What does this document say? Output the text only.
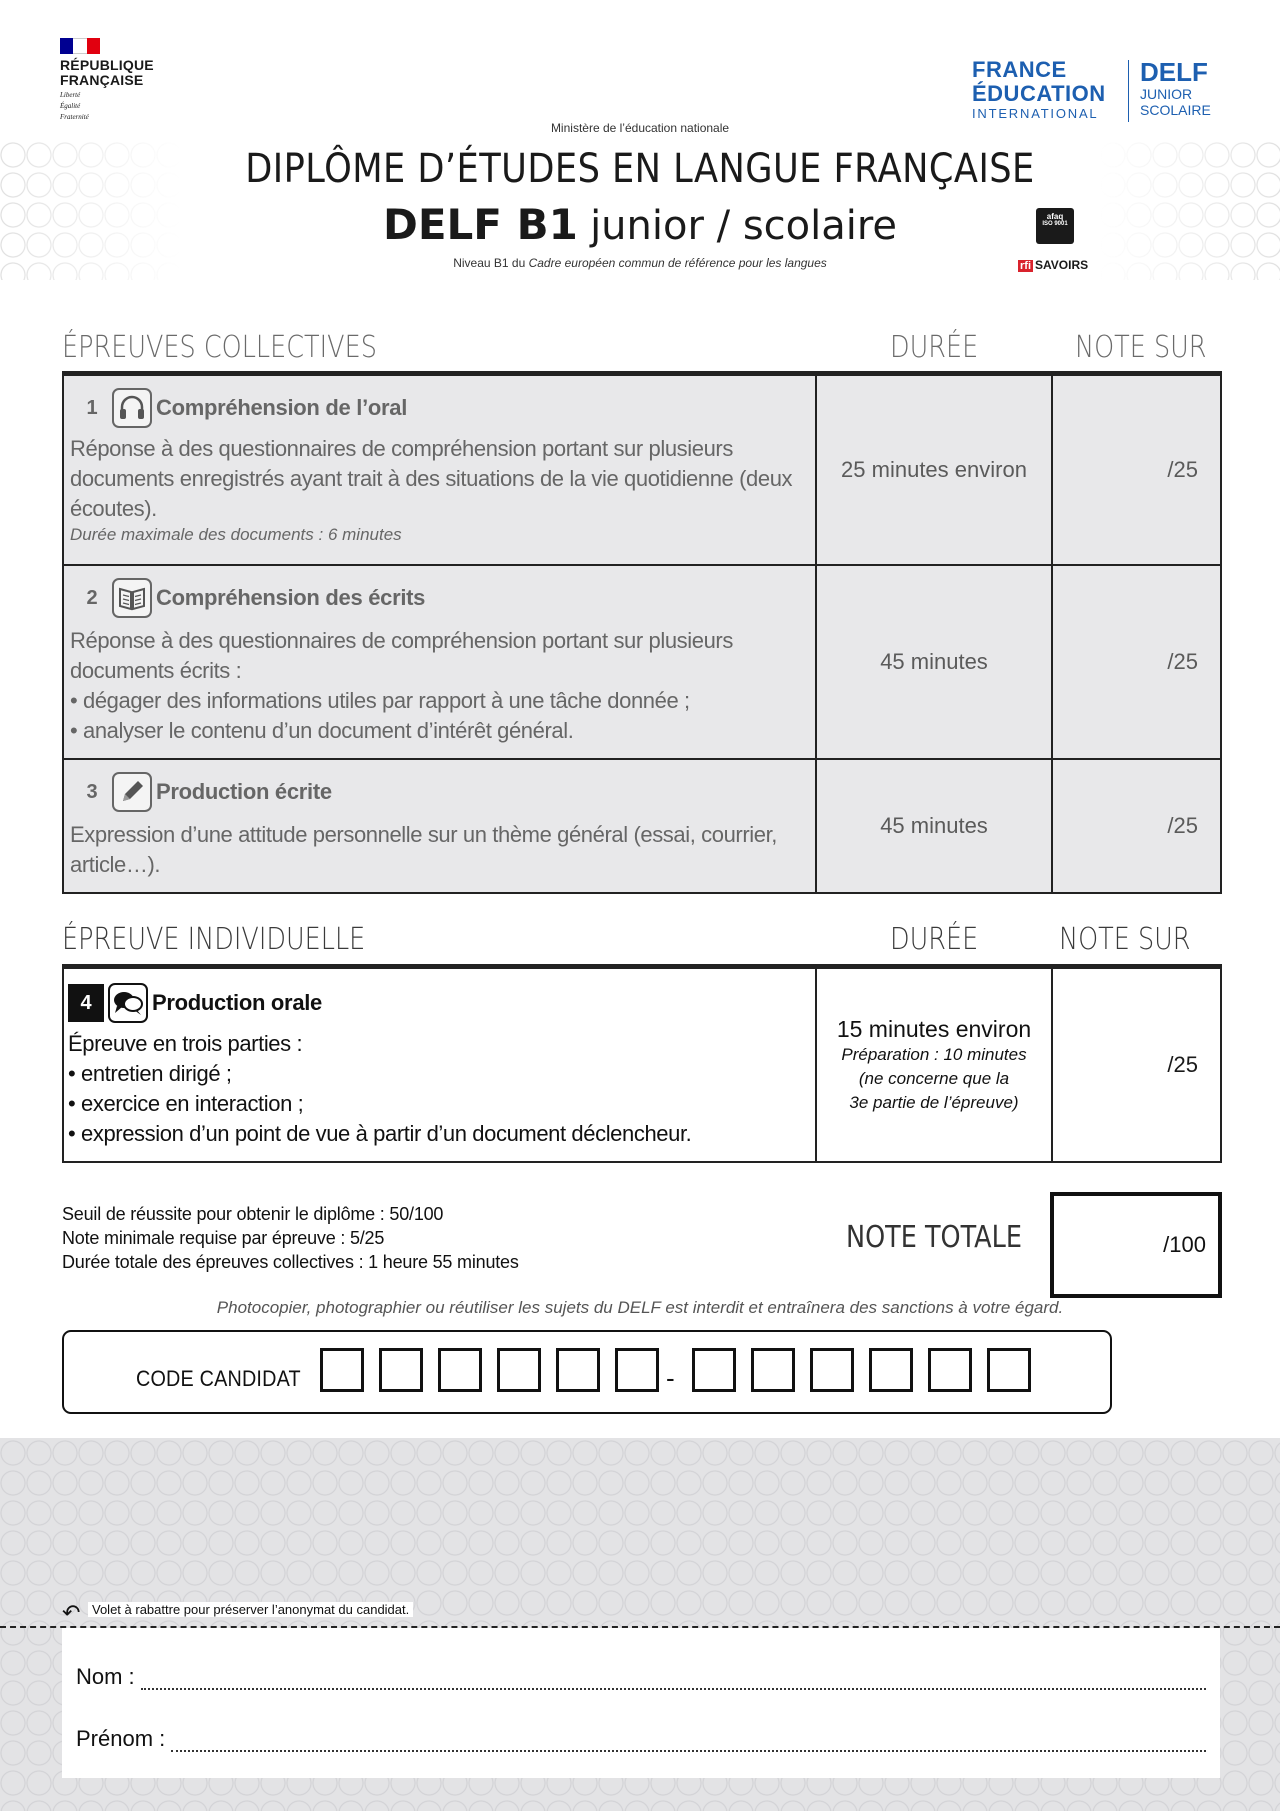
RÉPUBLIQUE
FRANÇAISE
Liberté
Égalité
Fraternité
FRANCE
ÉDUCATION
INTERNATIONAL
DELF
JUNIOR
SCOLAIRE
Ministère de l’éducation nationale
DIPLÔME D’ÉTUDES EN LANGUE FRANÇAISE
DELF B1 junior / scolaire
Niveau B1 du Cadre européen commun de référence pour les langues
afaq
ISO 9001
rfi SAVOIRS
ÉPREUVES COLLECTIVES	DURÉE	NOTE SUR
1	Compréhension de l’oral
Réponse à des questionnaires de compréhension portant sur plusieurs documents enregistrés ayant trait à des situations de la vie quotidienne (deux écoutes).
Durée maximale des documents : 6 minutes
25 minutes environ	/25
2	Compréhension des écrits
Réponse à des questionnaires de compréhension portant sur plusieurs documents écrits :
• dégager des informations utiles par rapport à une tâche donnée ;
• analyser le contenu d’un document d’intérêt général.
45 minutes	/25
3	Production écrite
Expression d’une attitude personnelle sur un thème général (essai, courrier, article…).
45 minutes	/25
ÉPREUVE INDIVIDUELLE	DURÉE	NOTE SUR
4	Production orale
Épreuve en trois parties :
• entretien dirigé ;
• exercice en interaction ;
• expression d’un point de vue à partir d’un document déclencheur.
15 minutes environ
Préparation : 10 minutes
(ne concerne que la
3e partie de l’épreuve)
/25
Seuil de réussite pour obtenir le diplôme : 50/100
Note minimale requise par épreuve : 5/25
Durée totale des épreuves collectives : 1 heure 55 minutes
NOTE TOTALE	/100
Photocopier, photographier ou réutiliser les sujets du DELF est interdit et entraînera des sanctions à votre égard.
CODE CANDIDAT	-
↶ Volet à rabattre pour préserver l’anonymat du candidat.
Nom :
Prénom :
